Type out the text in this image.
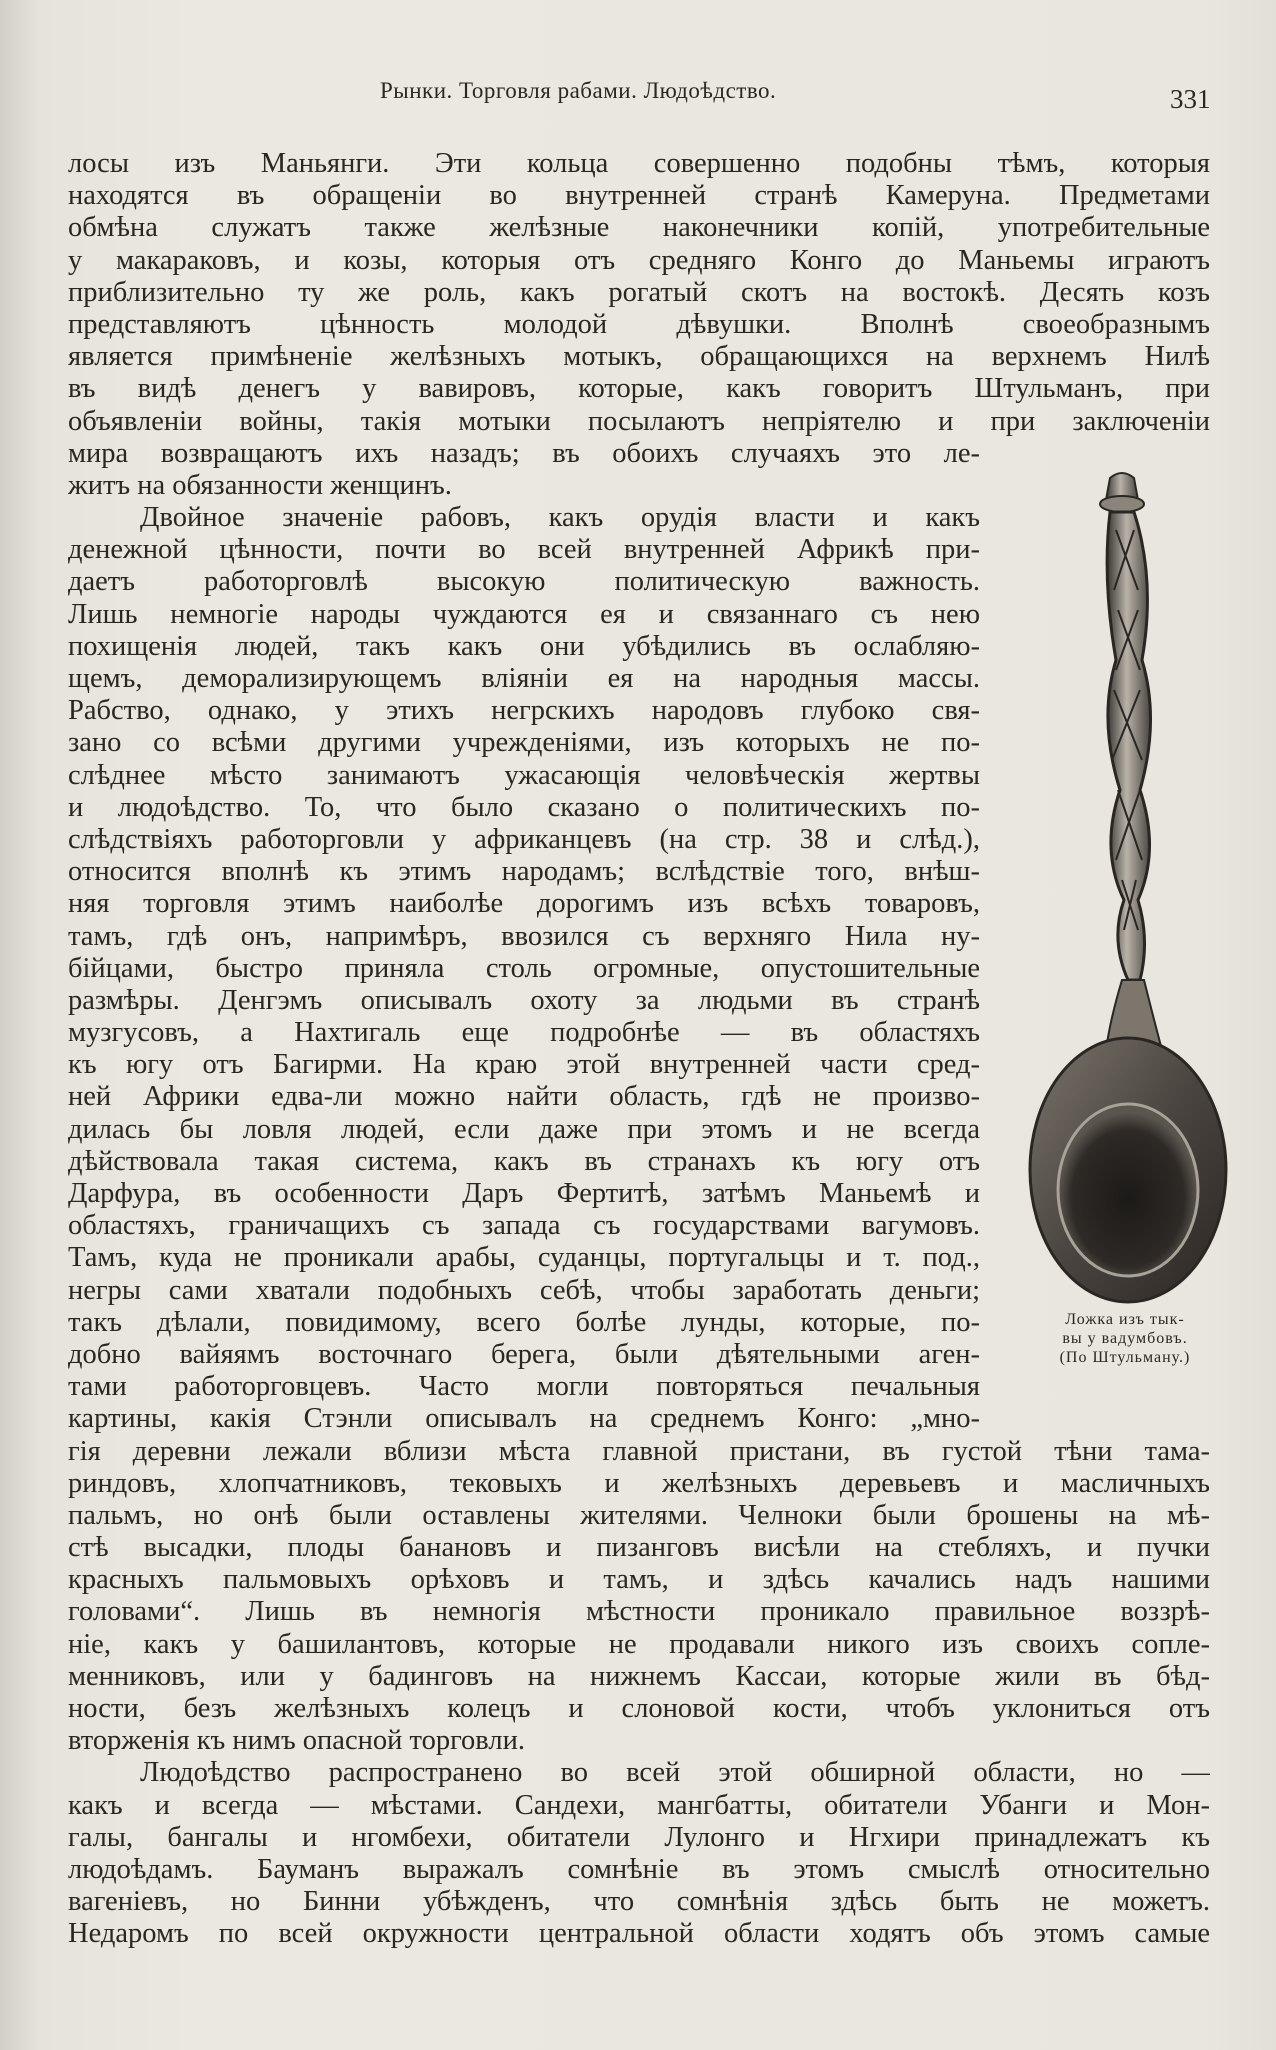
Рынки. Торговля рабами. Людоѣдство.	331
лосы изъ Маньянги. Эти кольца совершенно подобны тѣмъ, которыя
находятся въ обращеніи во внутренней странѣ Камеруна. Предметами
обмѣна служатъ также желѣзные наконечники копій, употребительные
у макараковъ, и козы, которыя отъ средняго Конго до Маньемы играютъ
приблизительно ту же роль, какъ рогатый скотъ на востокѣ. Десять козъ
представляютъ цѣнность молодой дѣвушки. Вполнѣ своеобразнымъ
является примѣненіе желѣзныхъ мотыкъ, обращающихся на верхнемъ Нилѣ
въ видѣ денегъ у вавировъ, которые, какъ говоритъ Штульманъ, при
объявленіи войны, такія мотыки посылаютъ непріятелю и при заключеніи
мира возвращаютъ ихъ назадъ; въ обоихъ случаяхъ это ле-
житъ на обязанности женщинъ.
Двойное значеніе рабовъ, какъ орудія власти и какъ
денежной цѣнности, почти во всей внутренней Африкѣ при-
даетъ работорговлѣ высокую политическую важность.
Лишь немногіе народы чуждаются ея и связаннаго съ нею
похищенія людей, такъ какъ они убѣдились въ ослабляю-
щемъ, деморализирующемъ вліяніи ея на народныя массы.
Рабство, однако, у этихъ негрскихъ народовъ глубоко свя-
зано со всѣми другими учрежденіями, изъ которыхъ не по-
слѣднее мѣсто занимаютъ ужасающія человѣческія жертвы
и людоѣдство. То, что было сказано о политическихъ по-
слѣдствіяхъ работорговли у африканцевъ (на стр. 38 и слѣд.),
относится вполнѣ къ этимъ народамъ; вслѣдствіе того, внѣш-
няя торговля этимъ наиболѣе дорогимъ изъ всѣхъ товаровъ,
тамъ, гдѣ онъ, напримѣръ, ввозился съ верхняго Нила ну-
бійцами, быстро приняла столь огромные, опустошительные
размѣры. Денгэмъ описывалъ охоту за людьми въ странѣ
музгусовъ, а Нахтигаль еще подробнѣе — въ областяхъ
къ югу отъ Багирми. На краю этой внутренней части сред-
ней Африки едва-ли можно найти область, гдѣ не произво-
дилась бы ловля людей, если даже при этомъ и не всегда
дѣйствовала такая система, какъ въ странахъ къ югу отъ
Дарфура, въ особенности Даръ Фертитѣ, затѣмъ Маньемѣ и
областяхъ, граничащихъ съ запада съ государствами вагумовъ.
Тамъ, куда не проникали арабы, суданцы, португальцы и т. под.,
негры сами хватали подобныхъ себѣ, чтобы заработать деньги;
такъ дѣлали, повидимому, всего болѣе лунды, которые, по-
добно вайяямъ восточнаго берега, были дѣятельными аген-
тами работорговцевъ. Часто могли повторяться печальныя
картины, какія Стэнли описывалъ на среднемъ Конго: „мно-
гія деревни лежали вблизи мѣста главной пристани, въ густой тѣни тама-
риндовъ, хлопчатниковъ, тековыхъ и желѣзныхъ деревьевъ и масличныхъ
пальмъ, но онѣ были оставлены жителями. Челноки были брошены на мѣ-
стѣ высадки, плоды банановъ и пизанговъ висѣли на стебляхъ, и пучки
красныхъ пальмовыхъ орѣховъ и тамъ, и здѣсь качались надъ нашими
головами“. Лишь въ немногія мѣстности проникало правильное воззрѣ-
ніе, какъ у башилантовъ, которые не продавали никого изъ своихъ сопле-
менниковъ, или у бадинговъ на нижнемъ Кассаи, которые жили въ бѣд-
ности, безъ желѣзныхъ колецъ и слоновой кости, чтобъ уклониться отъ
вторженія къ нимъ опасной торговли.
Людоѣдство распространено во всей этой обширной области, но —
какъ и всегда — мѣстами. Сандехи, мангбатты, обитатели Убанги и Мон-
галы, бангалы и нгомбехи, обитатели Лулонго и Нгхири принадлежатъ къ
людоѣдамъ. Бауманъ выражалъ сомнѣніе въ этомъ смыслѣ относительно
вагеніевъ, но Бинни убѣжденъ, что сомнѣнія здѣсь быть не можетъ.
Недаромъ по всей окружности центральной области ходятъ объ этомъ самые
Ложка изъ тык-
вы у вадумбовъ.
(По Штульману.)
